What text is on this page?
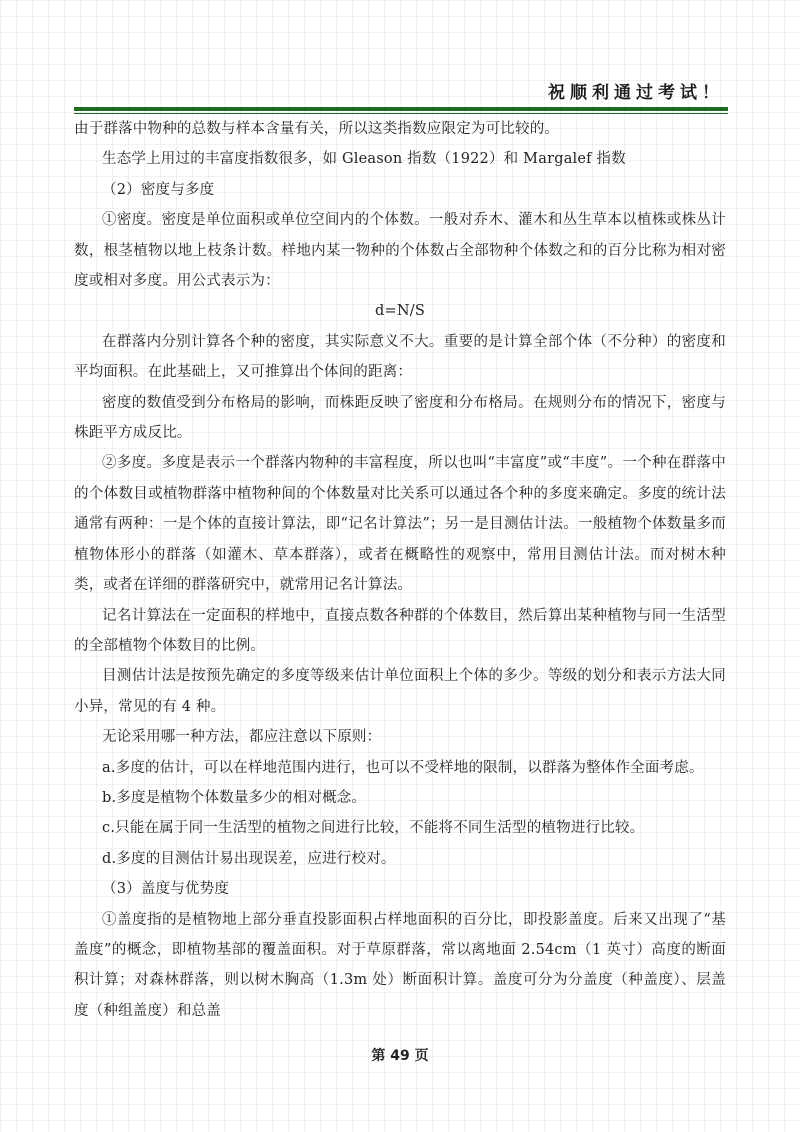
祝顺利通过考试！

由于群落中物种的总数与样本含量有关，所以这类指数应限定为可比较的。

生态学上用过的丰富度指数很多，如 Gleason 指数（1922）和 Margalef 指数

（2）密度与多度

①密度。密度是单位面积或单位空间内的个体数。一般对乔木、灌木和丛生草本以植株或株丛计数，根茎植物以地上枝条计数。样地内某一物种的个体数占全部物种个体数之和的百分比称为相对密度或相对多度。用公式表示为：

d=N/S

在群落内分别计算各个种的密度，其实际意义不大。重要的是计算全部个体（不分种）的密度和平均面积。在此基础上，又可推算出个体间的距离：

密度的数值受到分布格局的影响，而株距反映了密度和分布格局。在规则分布的情况下，密度与株距平方成反比。

②多度。多度是表示一个群落内物种的丰富程度，所以也叫“丰富度”或“丰度”。一个种在群落中的个体数目或植物群落中植物种间的个体数量对比关系可以通过各个种的多度来确定。多度的统计法通常有两种：一是个体的直接计算法，即“记名计算法”；另一是目测估计法。一般植物个体数量多而植物体形小的群落（如灌木、草本群落），或者在概略性的观察中，常用目测估计法。而对树木种类，或者在详细的群落研究中，就常用记名计算法。

记名计算法在一定面积的样地中，直接点数各种群的个体数目，然后算出某种植物与同一生活型的全部植物个体数目的比例。

目测估计法是按预先确定的多度等级来估计单位面积上个体的多少。等级的划分和表示方法大同小异，常见的有 4 种。

无论采用哪一种方法，都应注意以下原则：

a.多度的估计，可以在样地范围内进行，也可以不受样地的限制，以群落为整体作全面考虑。

b.多度是植物个体数量多少的相对概念。

c.只能在属于同一生活型的植物之间进行比较，不能将不同生活型的植物进行比较。

d.多度的目测估计易出现误差，应进行校对。

（3）盖度与优势度

①盖度指的是植物地上部分垂直投影面积占样地面积的百分比，即投影盖度。后来又出现了“基盖度”的概念，即植物基部的覆盖面积。对于草原群落，常以离地面 2.54cm（1 英寸）高度的断面积计算；对森林群落，则以树木胸高（1.3m 处）断面积计算。盖度可分为分盖度（种盖度）、层盖度（种组盖度）和总盖

第 49 页
